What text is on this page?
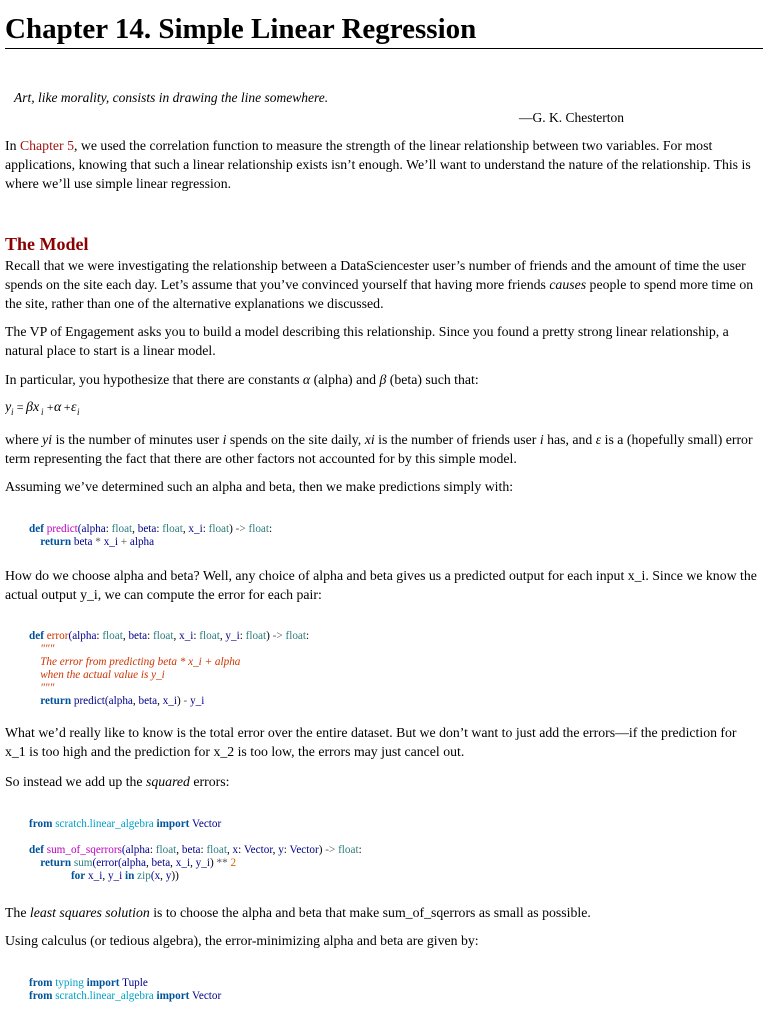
Chapter 14. Simple Linear Regression
Art, like morality, consists in drawing the line somewhere.
—G. K. Chesterton

In Chapter 5, we used the correlation function to measure the strength of the linear relationship between two variables. For most applications, knowing that such a linear relationship exists isn’t enough. We’ll want to understand the nature of the relationship. This is where we’ll use simple linear regression.

The Model

Recall that we were investigating the relationship between a DataSciencester user’s number of friends and the amount of time the user spends on the site each day. Let’s assume that you’ve convinced yourself that having more friends causes people to spend more time on the site, rather than one of the alternative explanations we discussed.

The VP of Engagement asks you to build a model describing this relationship. Since you found a pretty strong linear relationship, a natural place to start is a linear model.

In particular, you hypothesize that there are constants α (alpha) and β (beta) such that:

y i = βx i + α + ε i

where yi is the number of minutes user i spends on the site daily, xi is the number of friends user i has, and ε is a (hopefully small) error term representing the fact that there are other factors not accounted for by this simple model.

Assuming we’ve determined such an alpha and beta, then we make predictions simply with:

def predict(alpha: float, beta: float, x_i: float) -> float:
return beta * x_i + alpha

How do we choose alpha and beta? Well, any choice of alpha and beta gives us a predicted output for each input x_i. Since we know the actual output y_i, we can compute the error for each pair:

def error(alpha: float, beta: float, x_i: float, y_i: float) -> float:
"""
The error from predicting beta * x_i + alpha
when the actual value is y_i
"""
return predict(alpha, beta, x_i) - y_i

What we’d really like to know is the total error over the entire dataset. But we don’t want to just add the errors—if the prediction for x_1 is too high and the prediction for x_2 is too low, the errors may just cancel out.

So instead we add up the squared errors:

from scratch.linear_algebra import Vector

def sum_of_sqerrors(alpha: float, beta: float, x: Vector, y: Vector) -> float:
return sum(error(alpha, beta, x_i, y_i) ** 2
for x_i, y_i in zip(x, y))

The least squares solution is to choose the alpha and beta that make sum_of_sqerrors as small as possible.

Using calculus (or tedious algebra), the error-minimizing alpha and beta are given by:

from typing import Tuple
from scratch.linear_algebra import Vector
